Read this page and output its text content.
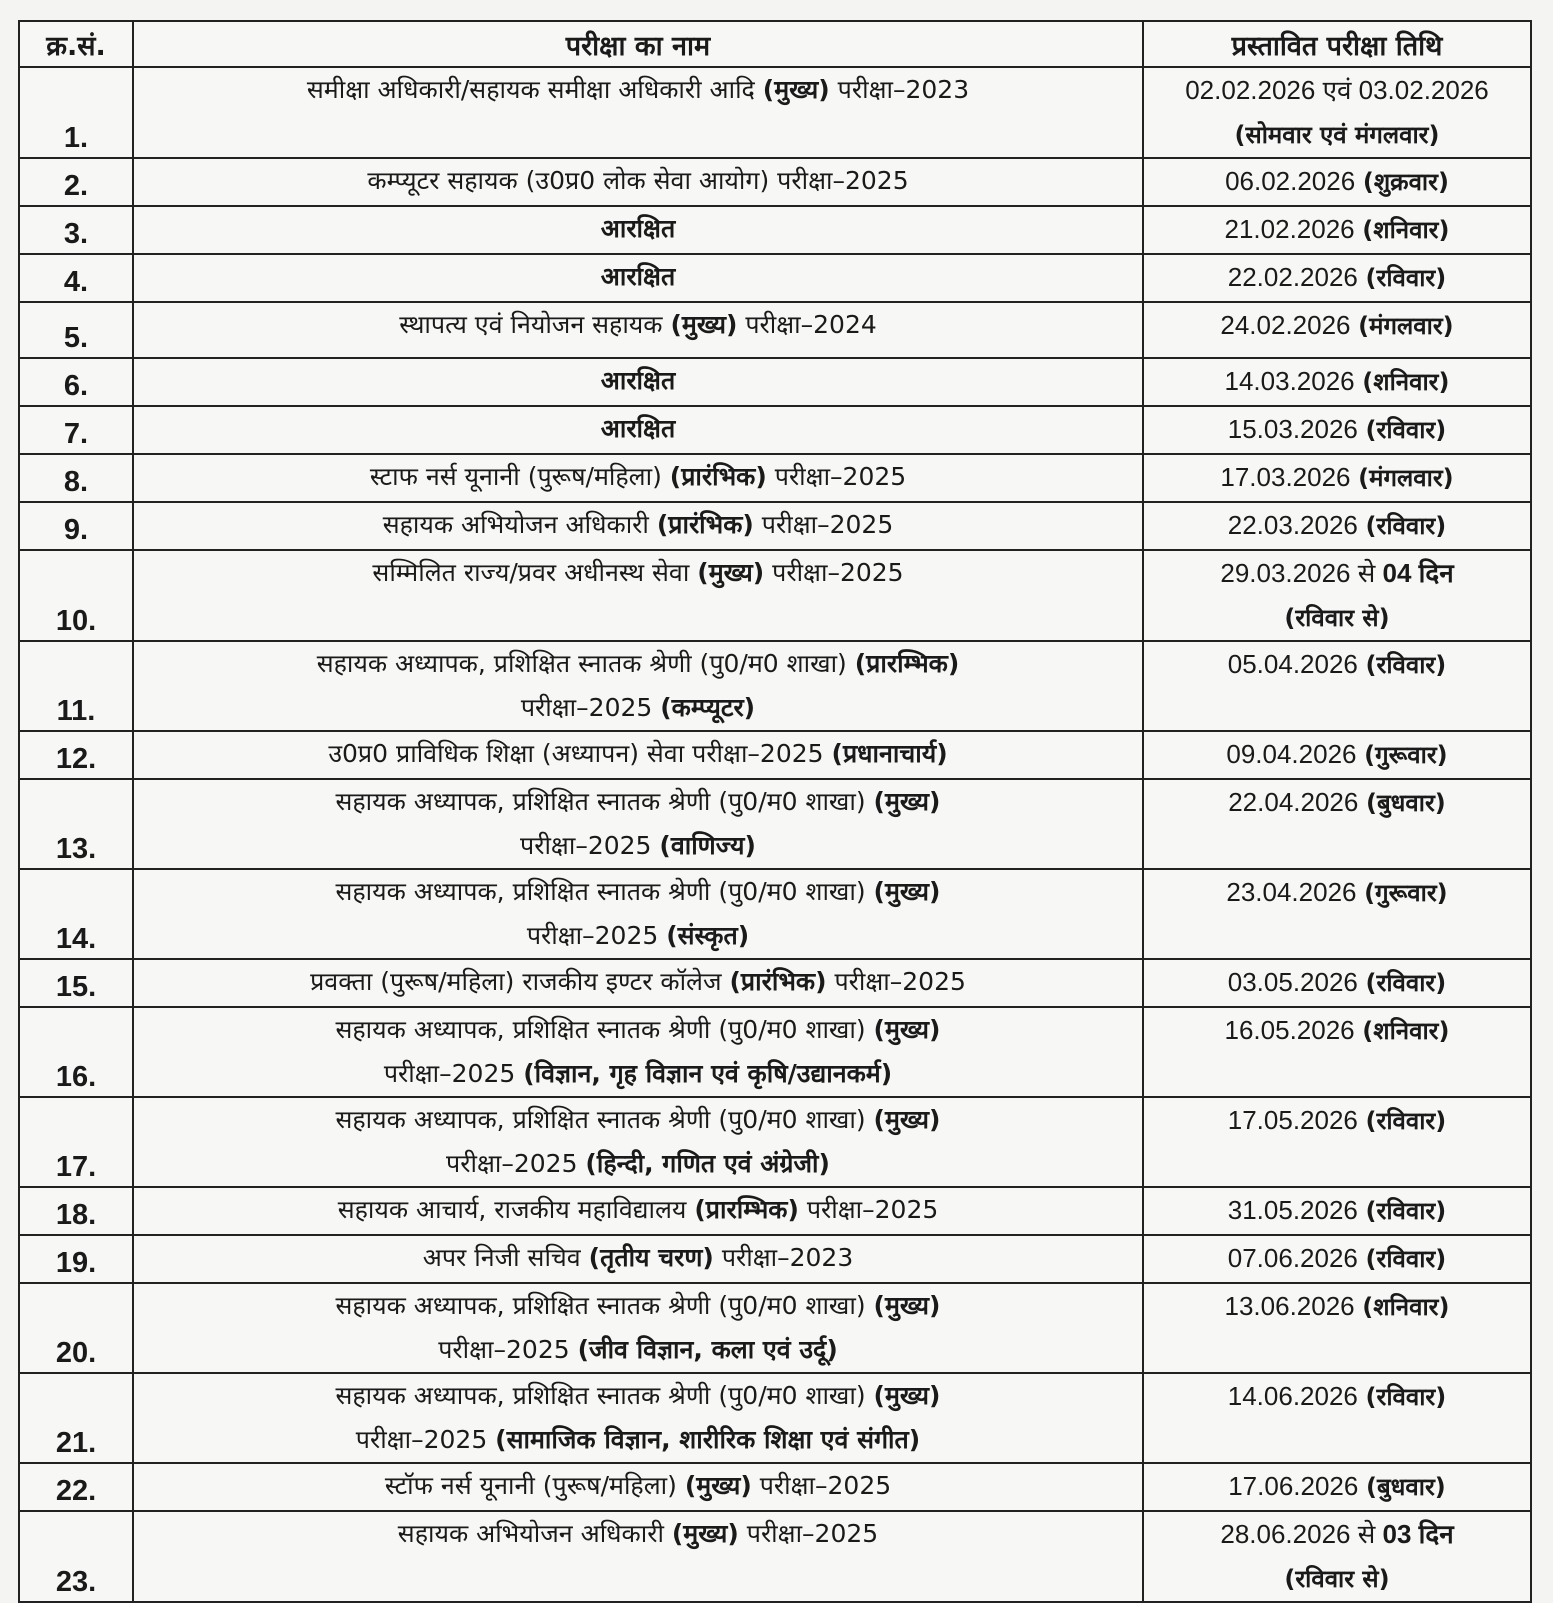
क्र.सं.	परीक्षा का नाम	प्रस्तावित परीक्षा तिथि
1.	समीक्षा अधिकारी/सहायक समीक्षा अधिकारी आदि (मुख्य) परीक्षा–2023	02.02.2026 एवं 03.02.2026
(सोमवार एवं मंगलवार)
2.	कम्प्यूटर सहायक (उ0प्र0 लोक सेवा आयोग) परीक्षा–2025	06.02.2026 (शुक्रवार)
3.	आरक्षित	21.02.2026 (शनिवार)
4.	आरक्षित	22.02.2026 (रविवार)
5.	स्थापत्य एवं नियोजन सहायक (मुख्य) परीक्षा–2024	24.02.2026 (मंगलवार)
6.	आरक्षित	14.03.2026 (शनिवार)
7.	आरक्षित	15.03.2026 (रविवार)
8.	स्टाफ नर्स यूनानी (पुरूष/महिला) (प्रारंभिक) परीक्षा–2025	17.03.2026 (मंगलवार)
9.	सहायक अभियोजन अधिकारी (प्रारंभिक) परीक्षा–2025	22.03.2026 (रविवार)
10.	सम्मिलित राज्य/प्रवर अधीनस्थ सेवा (मुख्य) परीक्षा–2025	29.03.2026 से 04 दिन
(रविवार से)
11.	सहायक अध्यापक, प्रशिक्षित स्नातक श्रेणी (पु0/म0 शाखा) (प्रारम्भिक)
परीक्षा–2025 (कम्प्यूटर)	05.04.2026 (रविवार)
12.	उ0प्र0 प्राविधिक शिक्षा (अध्यापन) सेवा परीक्षा–2025 (प्रधानाचार्य)	09.04.2026 (गुरूवार)
13.	सहायक अध्यापक, प्रशिक्षित स्नातक श्रेणी (पु0/म0 शाखा) (मुख्य)
परीक्षा–2025 (वाणिज्य)	22.04.2026 (बुधवार)
14.	सहायक अध्यापक, प्रशिक्षित स्नातक श्रेणी (पु0/म0 शाखा) (मुख्य)
परीक्षा–2025 (संस्कृत)	23.04.2026 (गुरूवार)
15.	प्रवक्ता (पुरूष/महिला) राजकीय इण्टर कॉलेज (प्रारंभिक) परीक्षा–2025	03.05.2026 (रविवार)
16.	सहायक अध्यापक, प्रशिक्षित स्नातक श्रेणी (पु0/म0 शाखा) (मुख्य)
परीक्षा–2025 (विज्ञान, गृह विज्ञान एवं कृषि/उद्यानकर्म)	16.05.2026 (शनिवार)
17.	सहायक अध्यापक, प्रशिक्षित स्नातक श्रेणी (पु0/म0 शाखा) (मुख्य)
परीक्षा–2025 (हिन्दी, गणित एवं अंग्रेजी)	17.05.2026 (रविवार)
18.	सहायक आचार्य, राजकीय महाविद्यालय (प्रारम्भिक) परीक्षा–2025	31.05.2026 (रविवार)
19.	अपर निजी सचिव (तृतीय चरण) परीक्षा–2023	07.06.2026 (रविवार)
20.	सहायक अध्यापक, प्रशिक्षित स्नातक श्रेणी (पु0/म0 शाखा) (मुख्य)
परीक्षा–2025 (जीव विज्ञान, कला एवं उर्दू)	13.06.2026 (शनिवार)
21.	सहायक अध्यापक, प्रशिक्षित स्नातक श्रेणी (पु0/म0 शाखा) (मुख्य)
परीक्षा–2025 (सामाजिक विज्ञान, शारीरिक शिक्षा एवं संगीत)	14.06.2026 (रविवार)
22.	स्टॉफ नर्स यूनानी (पुरूष/महिला) (मुख्य) परीक्षा–2025	17.06.2026 (बुधवार)
23.	सहायक अभियोजन अधिकारी (मुख्य) परीक्षा–2025	28.06.2026 से 03 दिन
(रविवार से)
